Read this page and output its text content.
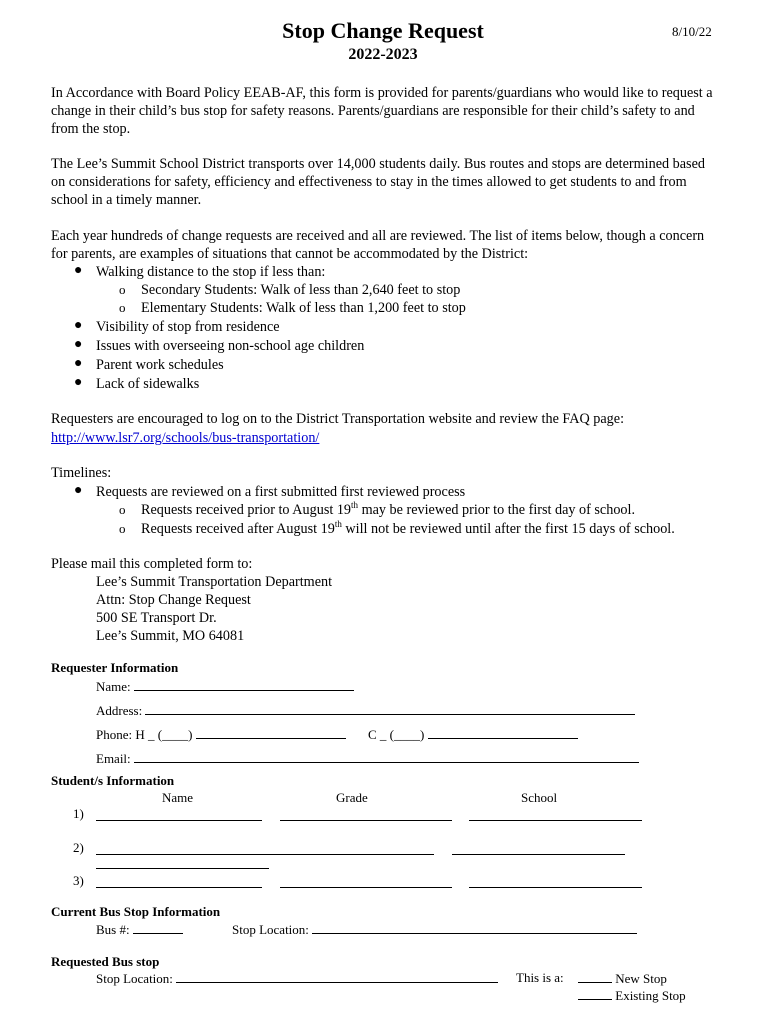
Stop Change Request
2022-2023
8/10/22
In Accordance with Board Policy EEAB-AF, this form is provided for parents/guardians who would like to request a change in their child’s bus stop for safety reasons. Parents/guardians are responsible for their child’s safety to and from the stop.
The Lee’s Summit School District transports over 14,000 students daily. Bus routes and stops are determined based on considerations for safety, efficiency and effectiveness to stay in the times allowed to get students to and from school in a timely manner.
Each year hundreds of change requests are received and all are reviewed. The list of items below, though a concern for parents, are examples of situations that cannot be accommodated by the District:
● Walking distance to the stop if less than:
o Secondary Students: Walk of less than 2,640 feet to stop
o Elementary Students: Walk of less than 1,200 feet to stop
● Visibility of stop from residence
● Issues with overseeing non-school age children
● Parent work schedules
● Lack of sidewalks
Requesters are encouraged to log on to the District Transportation website and review the FAQ page:
http://www.lsr7.org/schools/bus-transportation/
Timelines:
● Requests are reviewed on a first submitted first reviewed process
o Requests received prior to August 19th may be reviewed prior to the first day of school.
o Requests received after August 19th will not be reviewed until after the first 15 days of school.
Please mail this completed form to:
Lee’s Summit Transportation Department
Attn: Stop Change Request
500 SE Transport Dr.
Lee’s Summit, MO 64081
Requester Information
Name:
Address:
Phone: H _ (____)	C _ (____)
Email:
Student/s Information
Name	Grade	School
1)
2)
3)
Current Bus Stop Information
Bus #:	Stop Location:
Requested Bus stop
Stop Location:	This is a:	New Stop
Existing Stop
